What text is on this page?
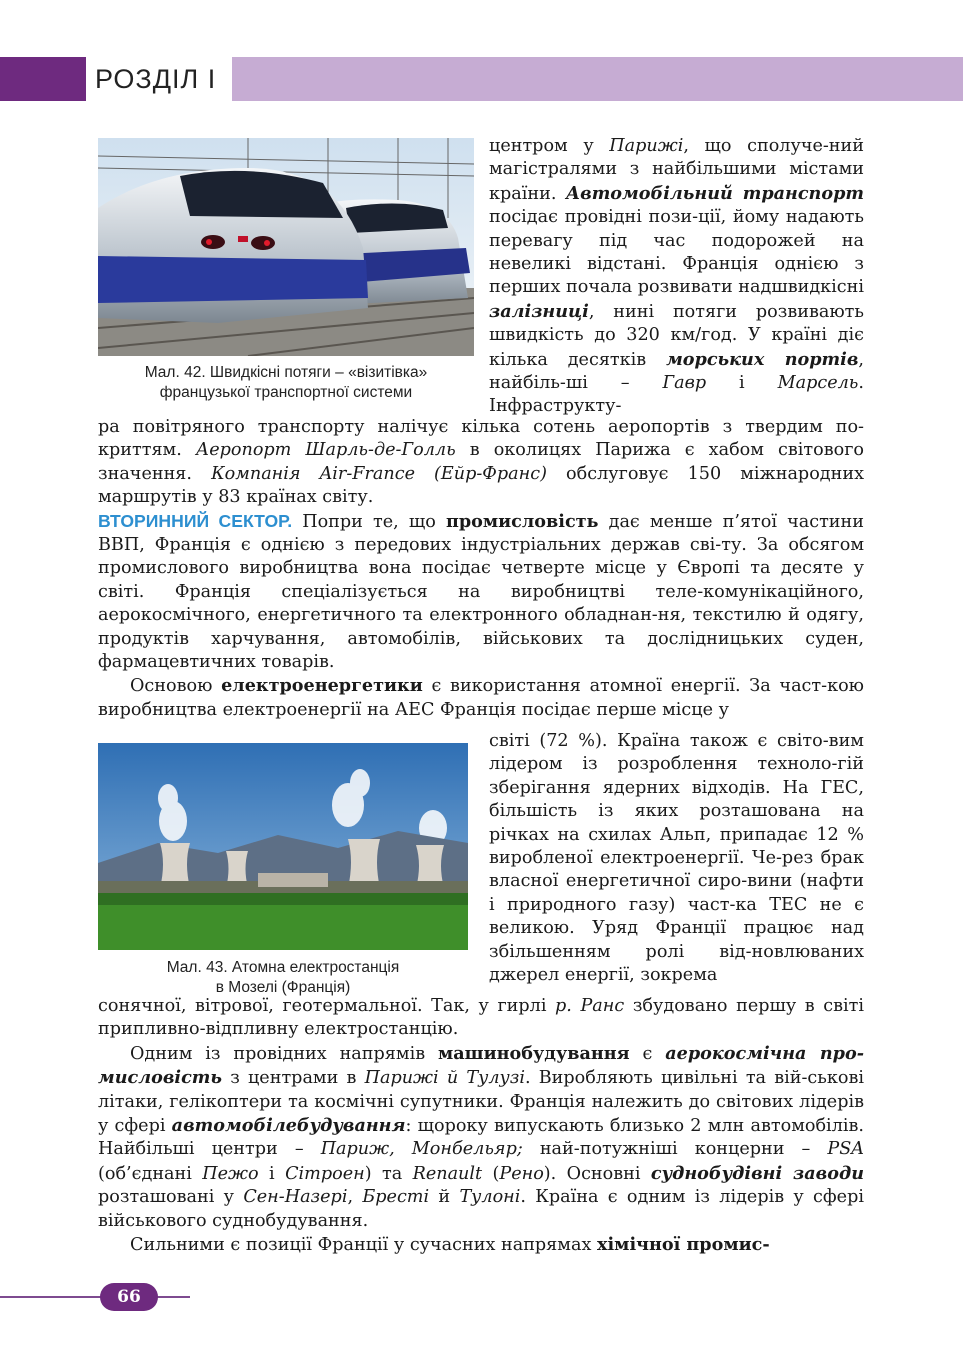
РОЗДІЛ І
Мал. 42. Швидкісні потяги – «візитівка»
французької транспортної системи

центром у Парижі, що сполуче-ний магістралями з найбільшими містами країни. Автомобільний транспорт посідає провідні пози-ції, йому надають перевагу під час подорожей на невеликі відстані. Франція однією з перших почала розвивати надшвидкісні залізниці, нині потяги розвивають швидкість до 320 км/год. У країні діє кілька десятків морських портів, найбіль-ші – Гавр і Марсель. Інфраструкту-

ра повітряного транспорту налічує кілька сотень аеропортів з твердим по-криттям. Аеропорт Шарль-де-Голль в околицях Парижа є хабом світового значення. Компанія Air-France (Ейр-Франс) обслуговує 150 міжнародних маршрутів у 83 країнах світу.

ВТОРИННИЙ СЕКТОР. Попри те, що промисловість дає менше п’ятої частини ВВП, Франція є однією з передових індустріальних держав сві-ту. За обсягом промислового виробництва вона посідає четверте місце у Європі та десяте у світі. Франція спеціалізується на виробництві теле-комунікаційного, аерокосмічного, енергетичного та електронного обладнан-ня, текстилю й одягу, продуктів харчування, автомобілів, військових та дослідницьких суден, фармацевтичних товарів.

Основою електроенергетики є використання атомної енергії. За част-кою виробництва електроенергії на АЕС Франція посідає перше місце у

Мал. 43. Атомна електростанція
в Мозелі (Франція)

світі (72 %). Країна також є світо-вим лідером із розроблення техноло-гій зберігання ядерних відходів. На ГЕС, більшість із яких розташована на річках на схилах Альп, припадає 12 % виробленої електроенергії. Че-рез брак власної енергетичної сиро-вини (нафти і природного газу) част-ка ТЕС не є великою. Уряд Франції працює над збільшенням ролі від-новлюваних джерел енергії, зокрема

сонячної, вітрової, геотермальної. Так, у гирлі р. Ранс збудовано першу в світі припливно-відпливну електростанцію.

Одним із провідних напрямів машинобудування є аерокосмічна про-мисловість з центрами в Парижі й Тулузі. Виробляють цивільні та вій-ськові літаки, гелікоптери та космічні супутники. Франція належить до світових лідерів у сфері автомобілебудування: щороку випускають близько 2 млн автомобілів. Найбільші центри – Париж, Монбельяр; най-потужніші концерни – PSA (об’єднані Пежо і Сітроен) та Renault (Рено). Основні суднобудівні заводи розташовані у Сен-Назері, Бресті й Тулоні. Країна є одним із лідерів у сфері військового суднобудування.

Сильними є позиції Франції у сучасних напрямах хімічної промис-

66
